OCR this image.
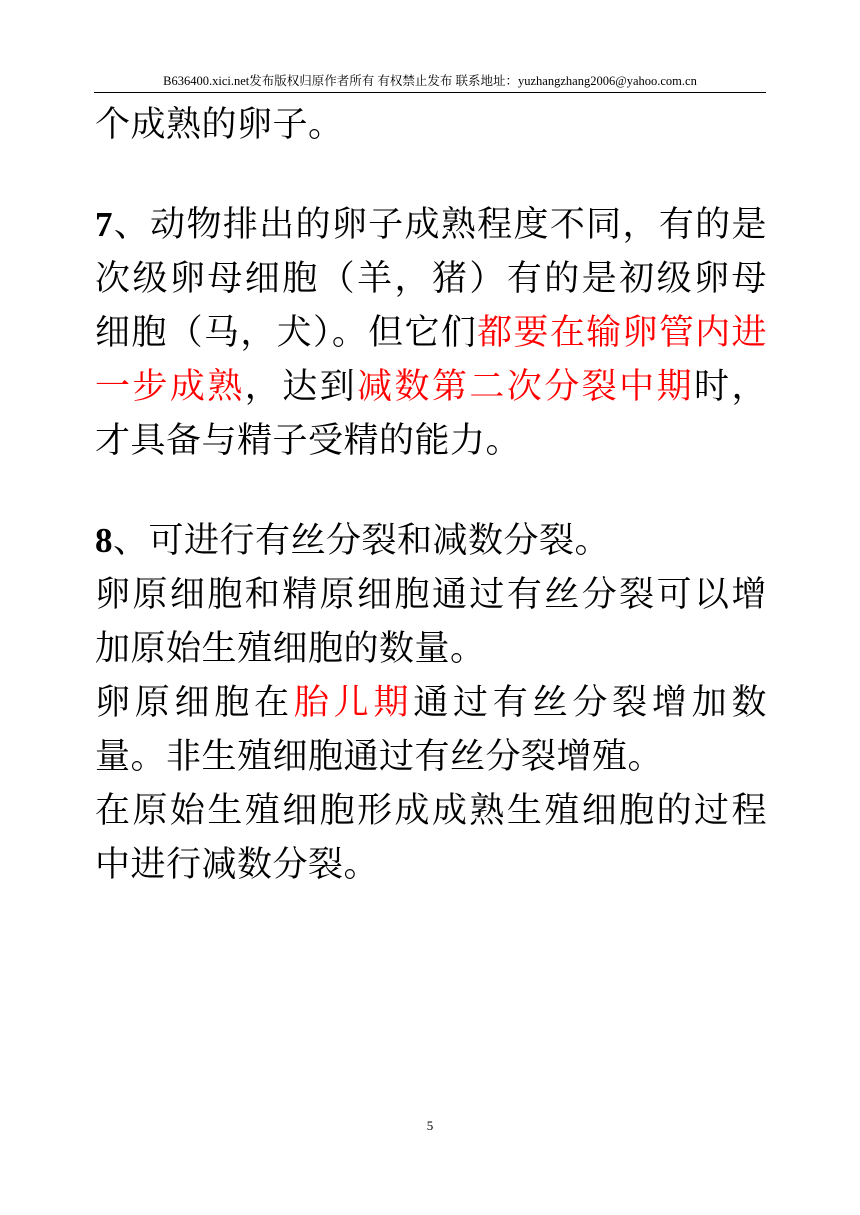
B636400.xici.net发布版权归原作者所有 有权禁止发布 联系地址：yuzhangzhang2006@yahoo.com.cn

个成熟的卵子。

7、动物排出的卵子成熟程度不同，有的是次级卵母细胞（羊，猪）有的是初级卵母细胞（马，犬）。但它们都要在输卵管内进一步成熟，达到减数第二次分裂中期时，才具备与精子受精的能力。

8、可进行有丝分裂和减数分裂。

卵原细胞和精原细胞通过有丝分裂可以增加原始生殖细胞的数量。

卵原细胞在胎儿期通过有丝分裂增加数量。非生殖细胞通过有丝分裂增殖。

在原始生殖细胞形成成熟生殖细胞的过程中进行减数分裂。

5
